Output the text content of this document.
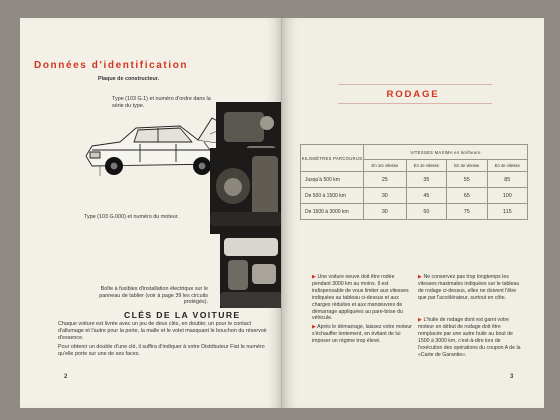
Données d'identification
Plaque de constructeur.
Type (103 G.1) et numéro d'ordre dans la série du type.
Type (103 G.000) et numéro du moteur.
Boîte à fusibles d'installation électrique sur le panneau de tablier (voir à page 39 les circuits protégés).
CLÉS DE LA VOITURE

Chaque voiture est livrée avec un jeu de deux clés, en double; un pour le contact d'allumage et l'autre pour la porte, la malle et le volet masquant le bouchon du réservoir d'essence.

Pour obtenir un double d'une clé, il suffira d'indiquer à votre Distributeur Fiat le numéro qu'elle porte sur une de ses faces.

2
RODAGE
KILOMÈTRES PARCOURUS	VITESSES MAXIMA en km/heure			
	En 1re vitesse	En 2e vitesse	En 3e vitesse	En 4e vitesse
Jusqu'à 500 km	25	35	55	85
De 500 à 1500 km	30	45	65	100
De 1500 à 3000 km	30	50	75	115

▶ Une voiture neuve doit être rodée pendant 3000 km au moins. Il est indispensable de vous limiter aux vitesses indiquées au tableau ci-dessus et aux charges réduites et aux manœuvres de démarrage appliquées au pare-brise du véhicule.

▶ Après le démarrage, laissez votre moteur s'échauffer lentement, en évitant de lui imposer un régime trop élevé.

▶ Ne conservez pas trop longtemps les vitesses maximales indiquées sur le tableau de rodage ci-dessus, elles ne doivent l'être que par l'accélérateur, surtout en côte.

▶ L'huile de rodage dont est garni votre moteur en début de rodage doit être remplacée par une autre huile au bout de 1500 à 3000 km, c'est-à-dire lors de l'exécution des opérations du coupon A de la «Carte de Garantie».

3
